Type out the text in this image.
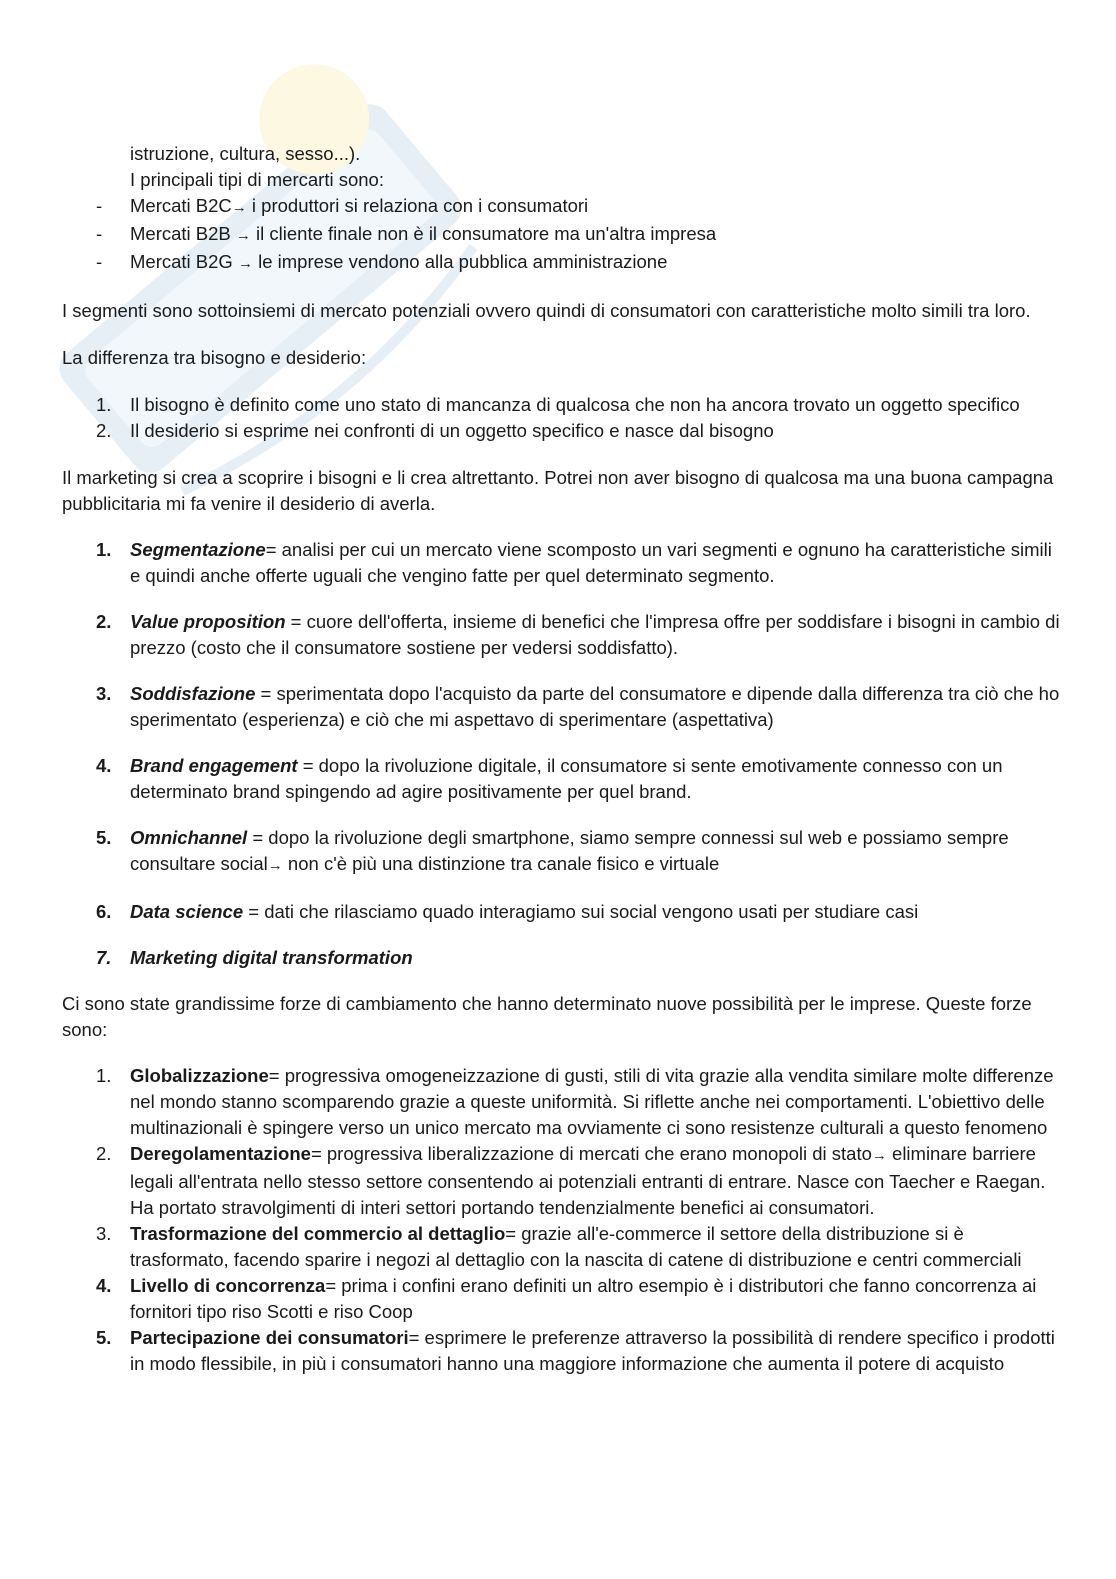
istruzione, cultura, sesso...).

I principali tipi di mercarti sono:

-	Mercati B2C→ i produttori si relaziona con i consumatori

-	Mercati B2B → il cliente finale non è il consumatore ma un'altra impresa

-	Mercati B2G → le imprese vendono alla pubblica amministrazione

I segmenti sono sottoinsiemi di mercato potenziali ovvero quindi di consumatori con caratteristiche molto simili tra loro.

La differenza tra bisogno e desiderio:

1.	Il bisogno è definito come uno stato di mancanza di qualcosa che non ha ancora trovato un oggetto specifico

2.	Il desiderio si esprime nei confronti di un oggetto specifico e nasce dal bisogno

Il marketing si crea a scoprire i bisogni e li crea altrettanto. Potrei non aver bisogno di qualcosa ma una buona campagna pubblicitaria mi fa venire il desiderio di averla.

1.	Segmentazione= analisi per cui un mercato viene scomposto un vari segmenti e ognuno ha caratteristiche simili e quindi anche offerte uguali che vengino fatte per quel determinato segmento.

2.	Value proposition = cuore dell'offerta, insieme di benefici che l'impresa offre per soddisfare i bisogni in cambio di prezzo (costo che il consumatore sostiene per vedersi soddisfatto).

3.	Soddisfazione = sperimentata dopo l'acquisto da parte del consumatore e dipende dalla differenza tra ciò che ho sperimentato (esperienza) e ciò che mi aspettavo di sperimentare (aspettativa)

4.	Brand engagement = dopo la rivoluzione digitale, il consumatore si sente emotivamente connesso con un determinato brand spingendo ad agire positivamente per quel brand.

5.	Omnichannel = dopo la rivoluzione degli smartphone, siamo sempre connessi sul web e possiamo sempre consultare social→ non c'è più una distinzione tra canale fisico e virtuale

6.	Data science = dati che rilasciamo quado interagiamo sui social vengono usati per studiare casi

7.	Marketing digital transformation

Ci sono state grandissime forze di cambiamento che hanno determinato nuove possibilità per le imprese. Queste forze sono:

1.	Globalizzazione= progressiva omogeneizzazione di gusti, stili di vita grazie alla vendita similare molte differenze nel mondo stanno scomparendo grazie a queste uniformità. Si riflette anche nei comportamenti. L'obiettivo delle multinazionali è spingere verso un unico mercato ma ovviamente ci sono resistenze culturali a questo fenomeno

2.	Deregolamentazione= progressiva liberalizzazione di mercati che erano monopoli di stato→ eliminare barriere legali all'entrata nello stesso settore consentendo ai potenziali entranti di entrare. Nasce con Taecher e Raegan. Ha portato stravolgimenti di interi settori portando tendenzialmente benefici ai consumatori.

3.	Trasformazione del commercio al dettaglio= grazie all'e-commerce il settore della distribuzione si è trasformato, facendo sparire i negozi al dettaglio con la nascita di catene di distribuzione e centri commerciali

4.	Livello di concorrenza= prima i confini erano definiti un altro esempio è i distributori che fanno concorrenza ai fornitori tipo riso Scotti e riso Coop

5.	Partecipazione dei consumatori= esprimere le preferenze attraverso la possibilità di rendere specifico i prodotti in modo flessibile, in più i consumatori hanno una maggiore informazione che aumenta il potere di acquisto
